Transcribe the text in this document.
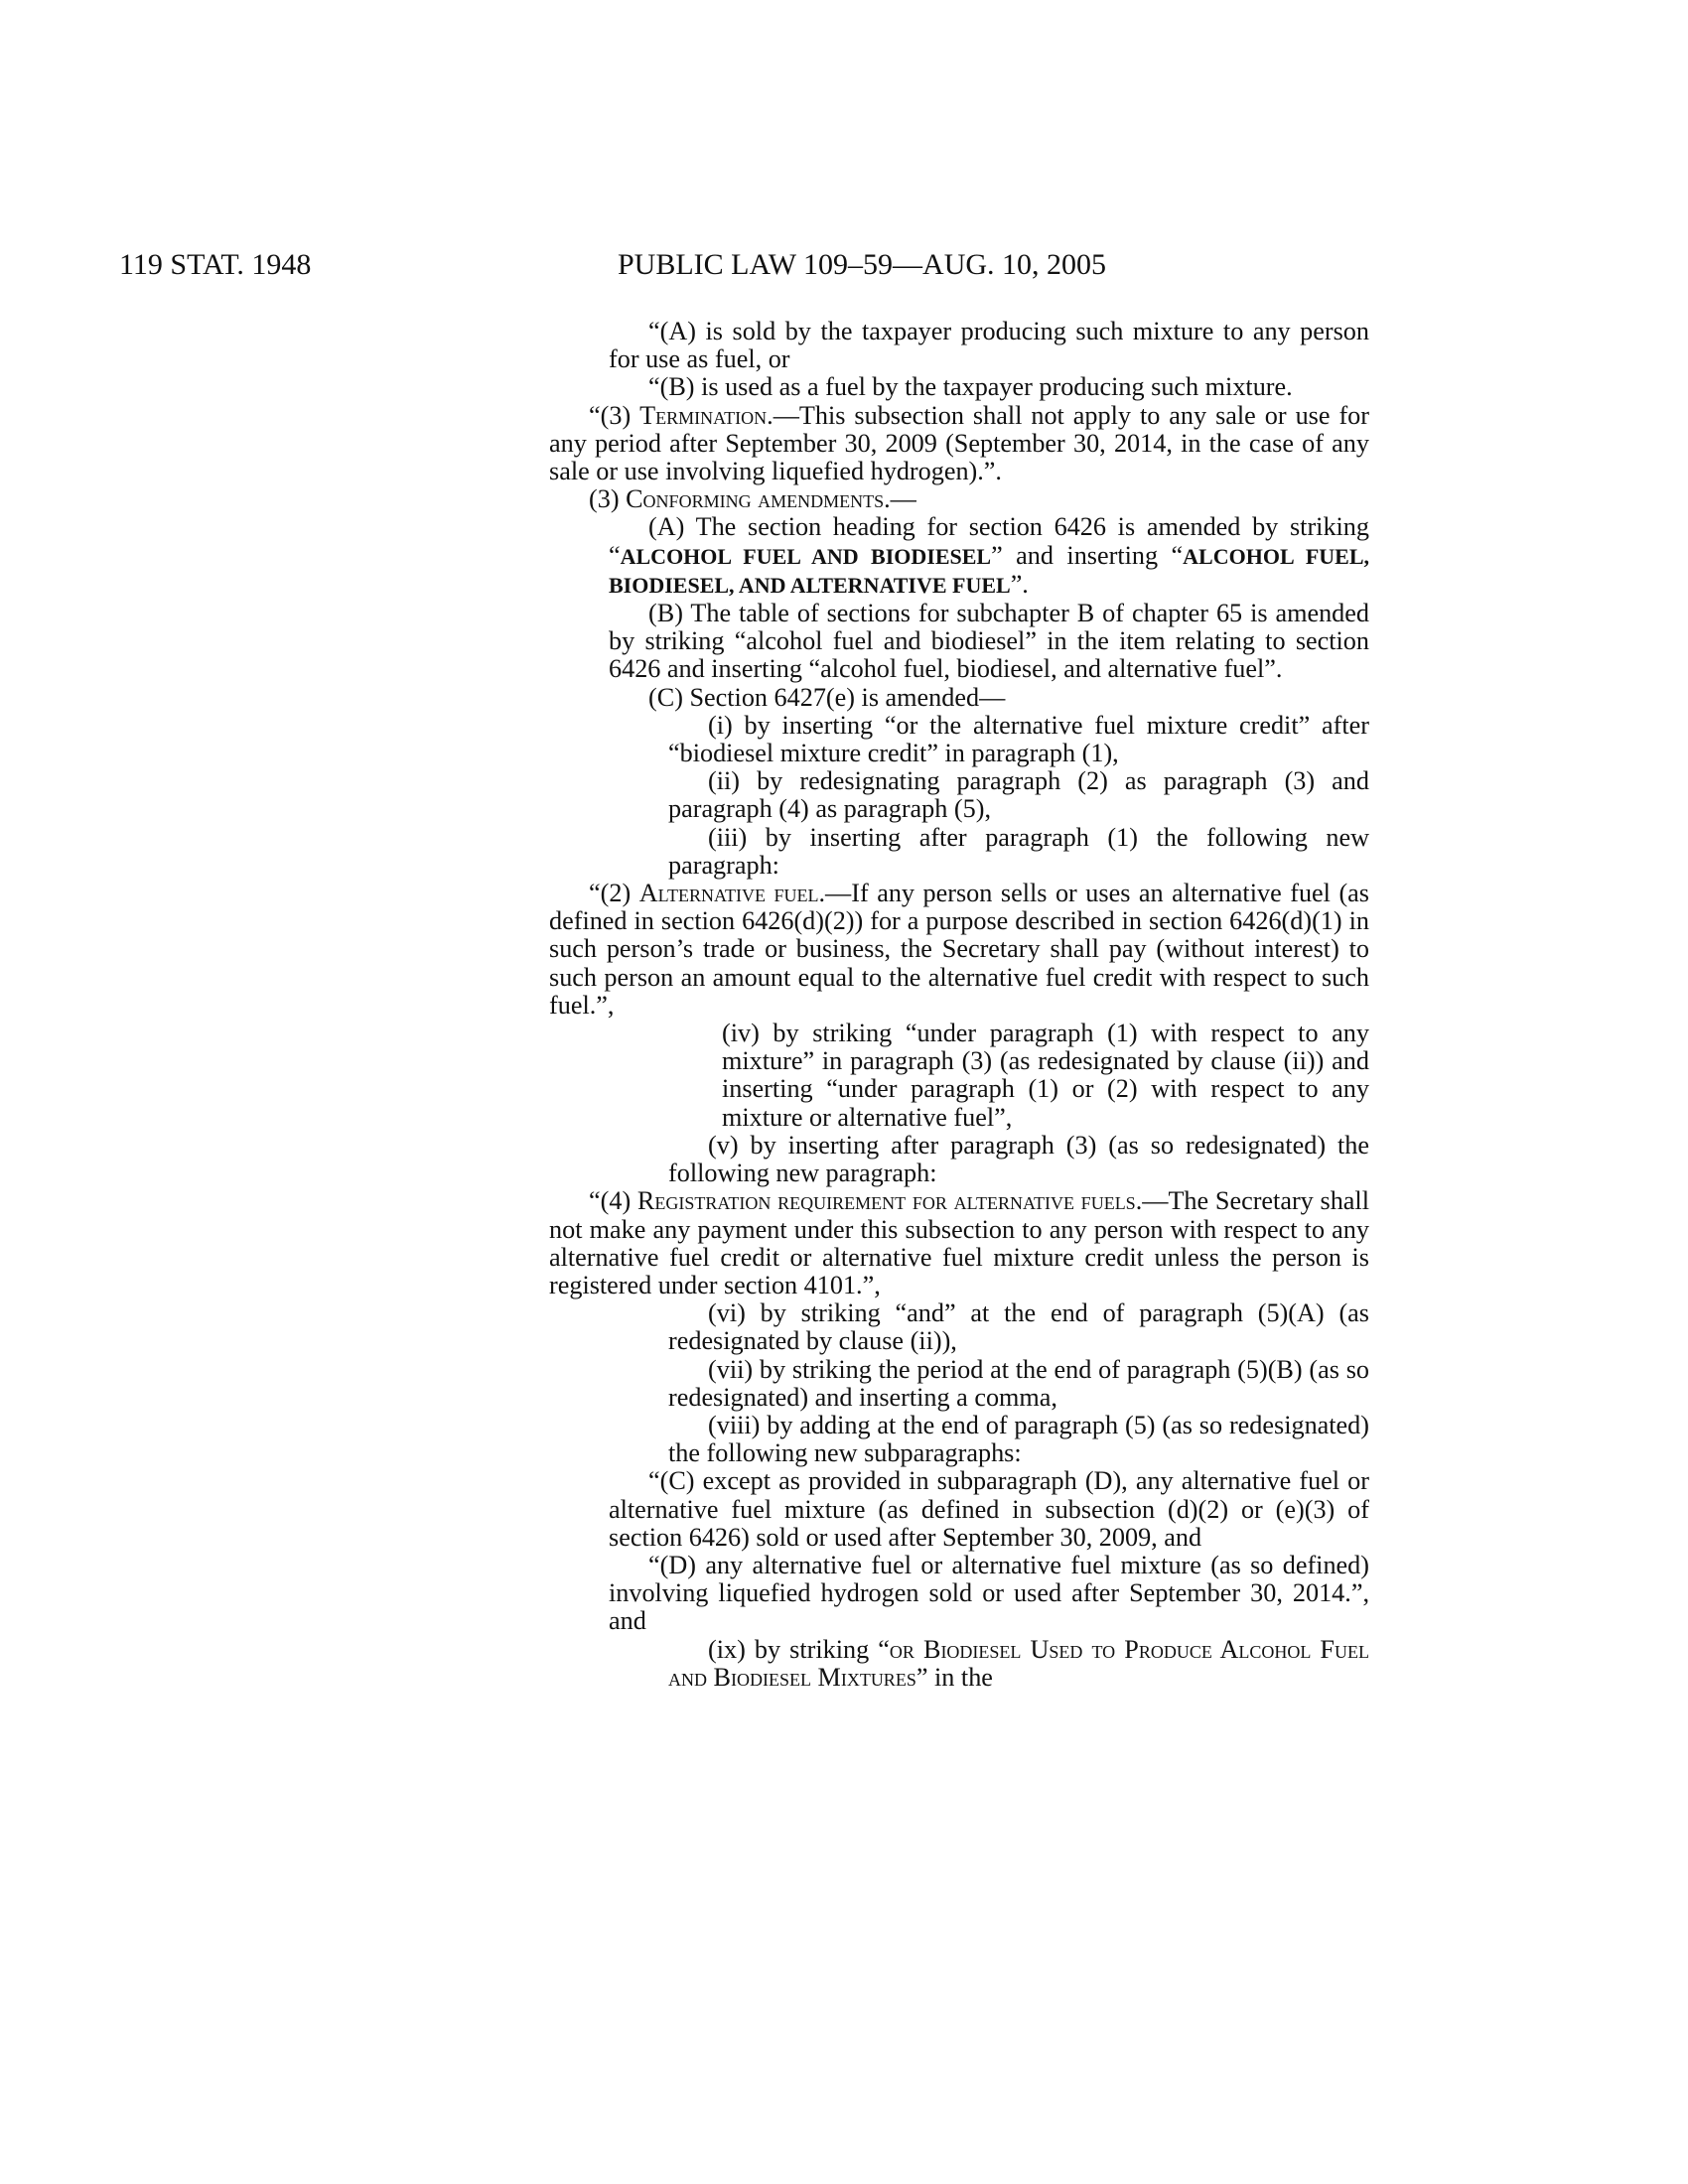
119 STAT. 1948	PUBLIC LAW 109–59—AUG. 10, 2005

“(A) is sold by the taxpayer producing such mixture to any person for use as fuel, or

“(B) is used as a fuel by the taxpayer producing such mixture.

“(3) Termination.—This subsection shall not apply to any sale or use for any period after September 30, 2009 (September 30, 2014, in the case of any sale or use involving liquefied hydrogen).”.

(3) Conforming amendments.—

(A) The section heading for section 6426 is amended by striking “ALCOHOL FUEL AND BIODIESEL” and inserting “ALCOHOL FUEL, BIODIESEL, AND ALTERNATIVE FUEL”.

(B) The table of sections for subchapter B of chapter 65 is amended by striking “alcohol fuel and biodiesel” in the item relating to section 6426 and inserting “alcohol fuel, biodiesel, and alternative fuel”.

(C) Section 6427(e) is amended—

(i) by inserting “or the alternative fuel mixture credit” after “biodiesel mixture credit” in paragraph (1),

(ii) by redesignating paragraph (2) as paragraph (3) and paragraph (4) as paragraph (5),

(iii) by inserting after paragraph (1) the following new paragraph:

“(2) Alternative fuel.—If any person sells or uses an alternative fuel (as defined in section 6426(d)(2)) for a purpose described in section 6426(d)(1) in such person’s trade or business, the Secretary shall pay (without interest) to such person an amount equal to the alternative fuel credit with respect to such fuel.”,

(iv) by striking “under paragraph (1) with respect to any mixture” in paragraph (3) (as redesignated by clause (ii)) and inserting “under paragraph (1) or (2) with respect to any mixture or alternative fuel”,

(v) by inserting after paragraph (3) (as so redesignated) the following new paragraph:

“(4) Registration requirement for alternative fuels.—The Secretary shall not make any payment under this subsection to any person with respect to any alternative fuel credit or alternative fuel mixture credit unless the person is registered under section 4101.”,

(vi) by striking “and” at the end of paragraph (5)(A) (as redesignated by clause (ii)),

(vii) by striking the period at the end of paragraph (5)(B) (as so redesignated) and inserting a comma,

(viii) by adding at the end of paragraph (5) (as so redesignated) the following new subparagraphs:

“(C) except as provided in subparagraph (D), any alternative fuel or alternative fuel mixture (as defined in subsection (d)(2) or (e)(3) of section 6426) sold or used after September 30, 2009, and

“(D) any alternative fuel or alternative fuel mixture (as so defined) involving liquefied hydrogen sold or used after September 30, 2014.”, and

(ix) by striking “or Biodiesel Used to Produce Alcohol Fuel and Biodiesel Mixtures” in the
